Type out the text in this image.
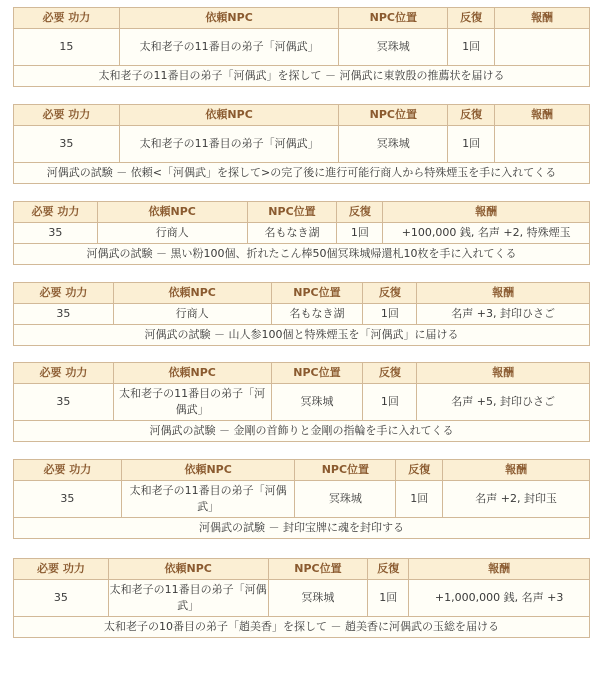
必要 功力	依頼NPC	NPC位置	反復	報酬
15	太和老子の11番目の弟子「河偶武」	冥珠城	1回	
太和老子の11番目の弟子「河偶武」を探して － 河偶武に東敦殷の推薦状を届ける				
必要 功力	依頼NPC	NPC位置	反復	報酬
35	太和老子の11番目の弟子「河偶武」	冥珠城	1回	
河偶武の試験 － 依頼<「河偶武」を探して>の完了後に進行可能行商人から特殊煙玉を手に入れてくる				
必要 功力	依頼NPC	NPC位置	反復	報酬
35	行商人	名もなき湖	1回	+100,000 銭, 名声 +2, 特殊煙玉
河偶武の試験 － 黒い粉100個、折れたこん棒50個冥珠城帰還札10枚を手に入れてくる				
必要 功力	依頼NPC	NPC位置	反復	報酬
35	行商人	名もなき湖	1回	名声 +3, 封印ひさご
河偶武の試験 － 山人参100個と特殊煙玉を「河偶武」に届ける				
必要 功力	依頼NPC	NPC位置	反復	報酬
35	太和老子の11番目の弟子「河偶武」	冥珠城	1回	名声 +5, 封印ひさご
河偶武の試験 － 金剛の首飾りと金剛の指輪を手に入れてくる				
必要 功力	依頼NPC	NPC位置	反復	報酬
35	太和老子の11番目の弟子「河偶武」	冥珠城	1回	名声 +2, 封印玉
河偶武の試験 － 封印宝牌に魂を封印する				
必要 功力	依頼NPC	NPC位置	反復	報酬
35	太和老子の11番目の弟子「河偶武」	冥珠城	1回	+1,000,000 銭, 名声 +3
太和老子の10番目の弟子「趙美香」を探して － 趙美香に河偶武の玉総を届ける				
